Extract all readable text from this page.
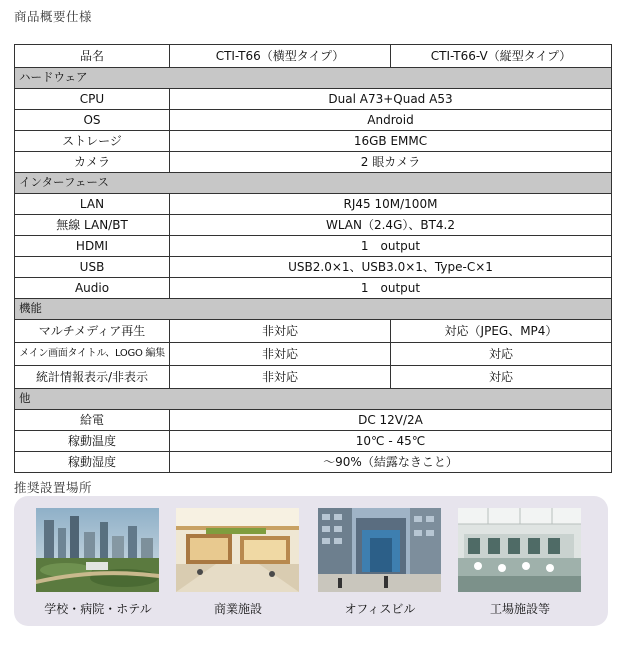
商品概要仕様
品名	CTI-T66（横型タイプ）	CTI-T66-V（縦型タイプ）
ハードウェア		
CPU	Dual A73+Quad A53	
OS	Android	
ストレージ	16GB EMMC	
カメラ	2 眼カメラ	
インターフェース		
LAN	RJ45 10M/100M	
無線 LAN/BT	WLAN（2.4G）、BT4.2	
HDMI	1　output	
USB	USB2.0×1、USB3.0×1、Type-C×1	
Audio	1　output	
機能		
マルチメディア再生	非対応	対応（JPEG、MP4）
メイン画面タイトル、LOGO 編集	非対応	対応
統計情報表示/非表示	非対応	対応
他		
給電	DC 12V/2A	
稼動温度	10℃ - 45℃	
稼動湿度	～90%（結露なきこと）	
推奨設置場所
学校・病院・ホテル	商業施設	オフィスビル	工場施設等
